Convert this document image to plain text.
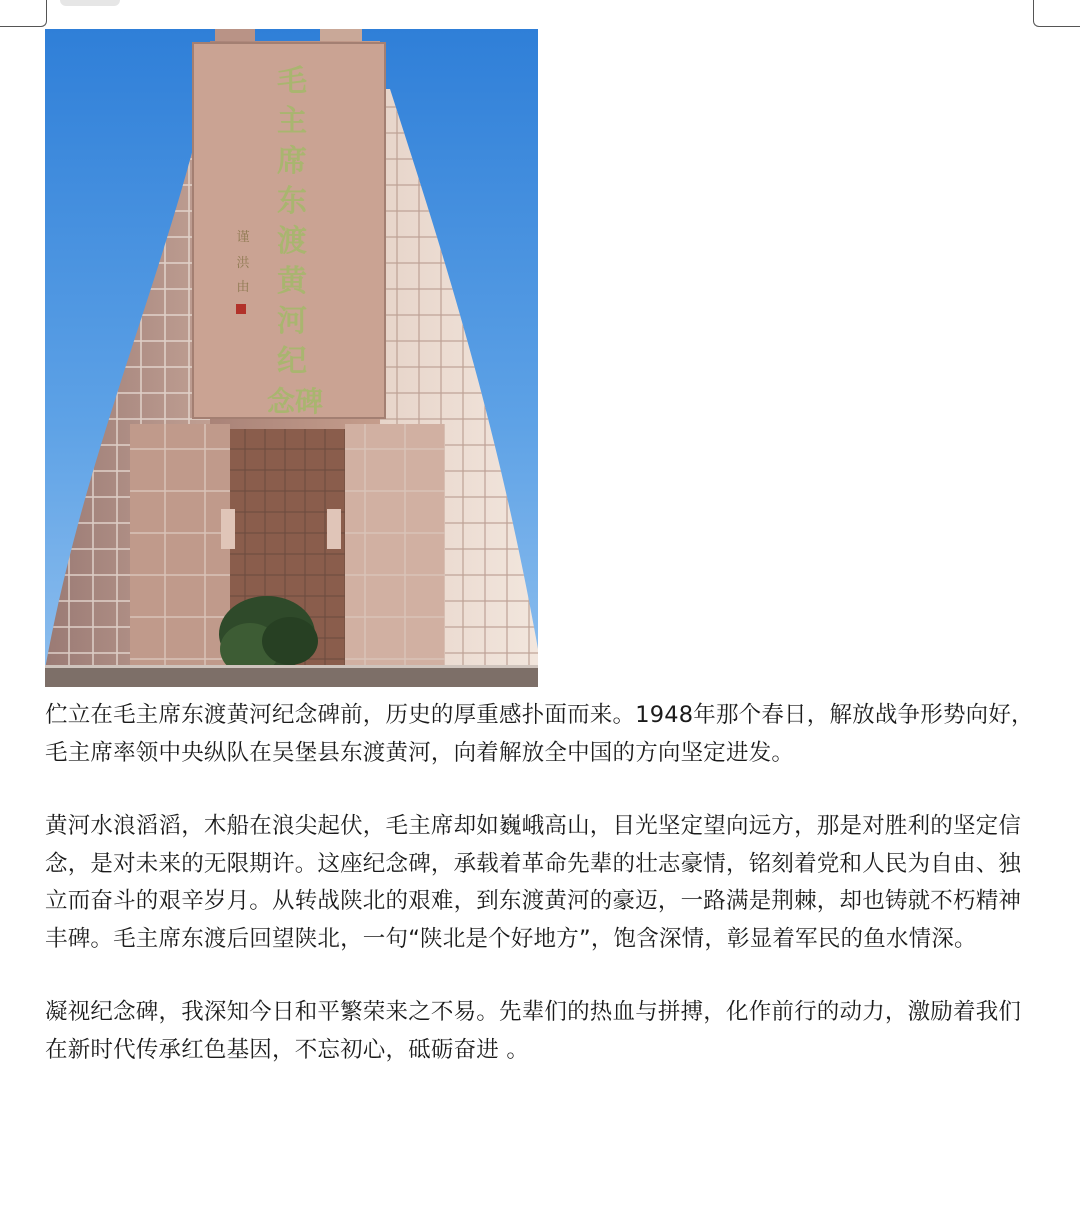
毛
主
席
东
渡
黄
河
纪
念碑
谨
洪
由

伫立在毛主席东渡黄河纪念碑前，历史的厚重感扑面而来。1948年那个春日，解放战争形势向好，毛主席率领中央纵队在吴堡县东渡黄河，向着解放全中国的方向坚定进发。

黄河水浪滔滔，木船在浪尖起伏，毛主席却如巍峨高山，目光坚定望向远方，那是对胜利的坚定信念，是对未来的无限期许。这座纪念碑，承载着革命先辈的壮志豪情，铭刻着党和人民为自由、独立而奋斗的艰辛岁月。从转战陕北的艰难，到东渡黄河的豪迈，一路满是荆棘，却也铸就不朽精神丰碑。毛主席东渡后回望陕北，一句“陕北是个好地方”，饱含深情，彰显着军民的鱼水情深。

凝视纪念碑，我深知今日和平繁荣来之不易。先辈们的热血与拼搏，化作前行的动力，激励着我们在新时代传承红色基因，不忘初心，砥砺奋进 。
